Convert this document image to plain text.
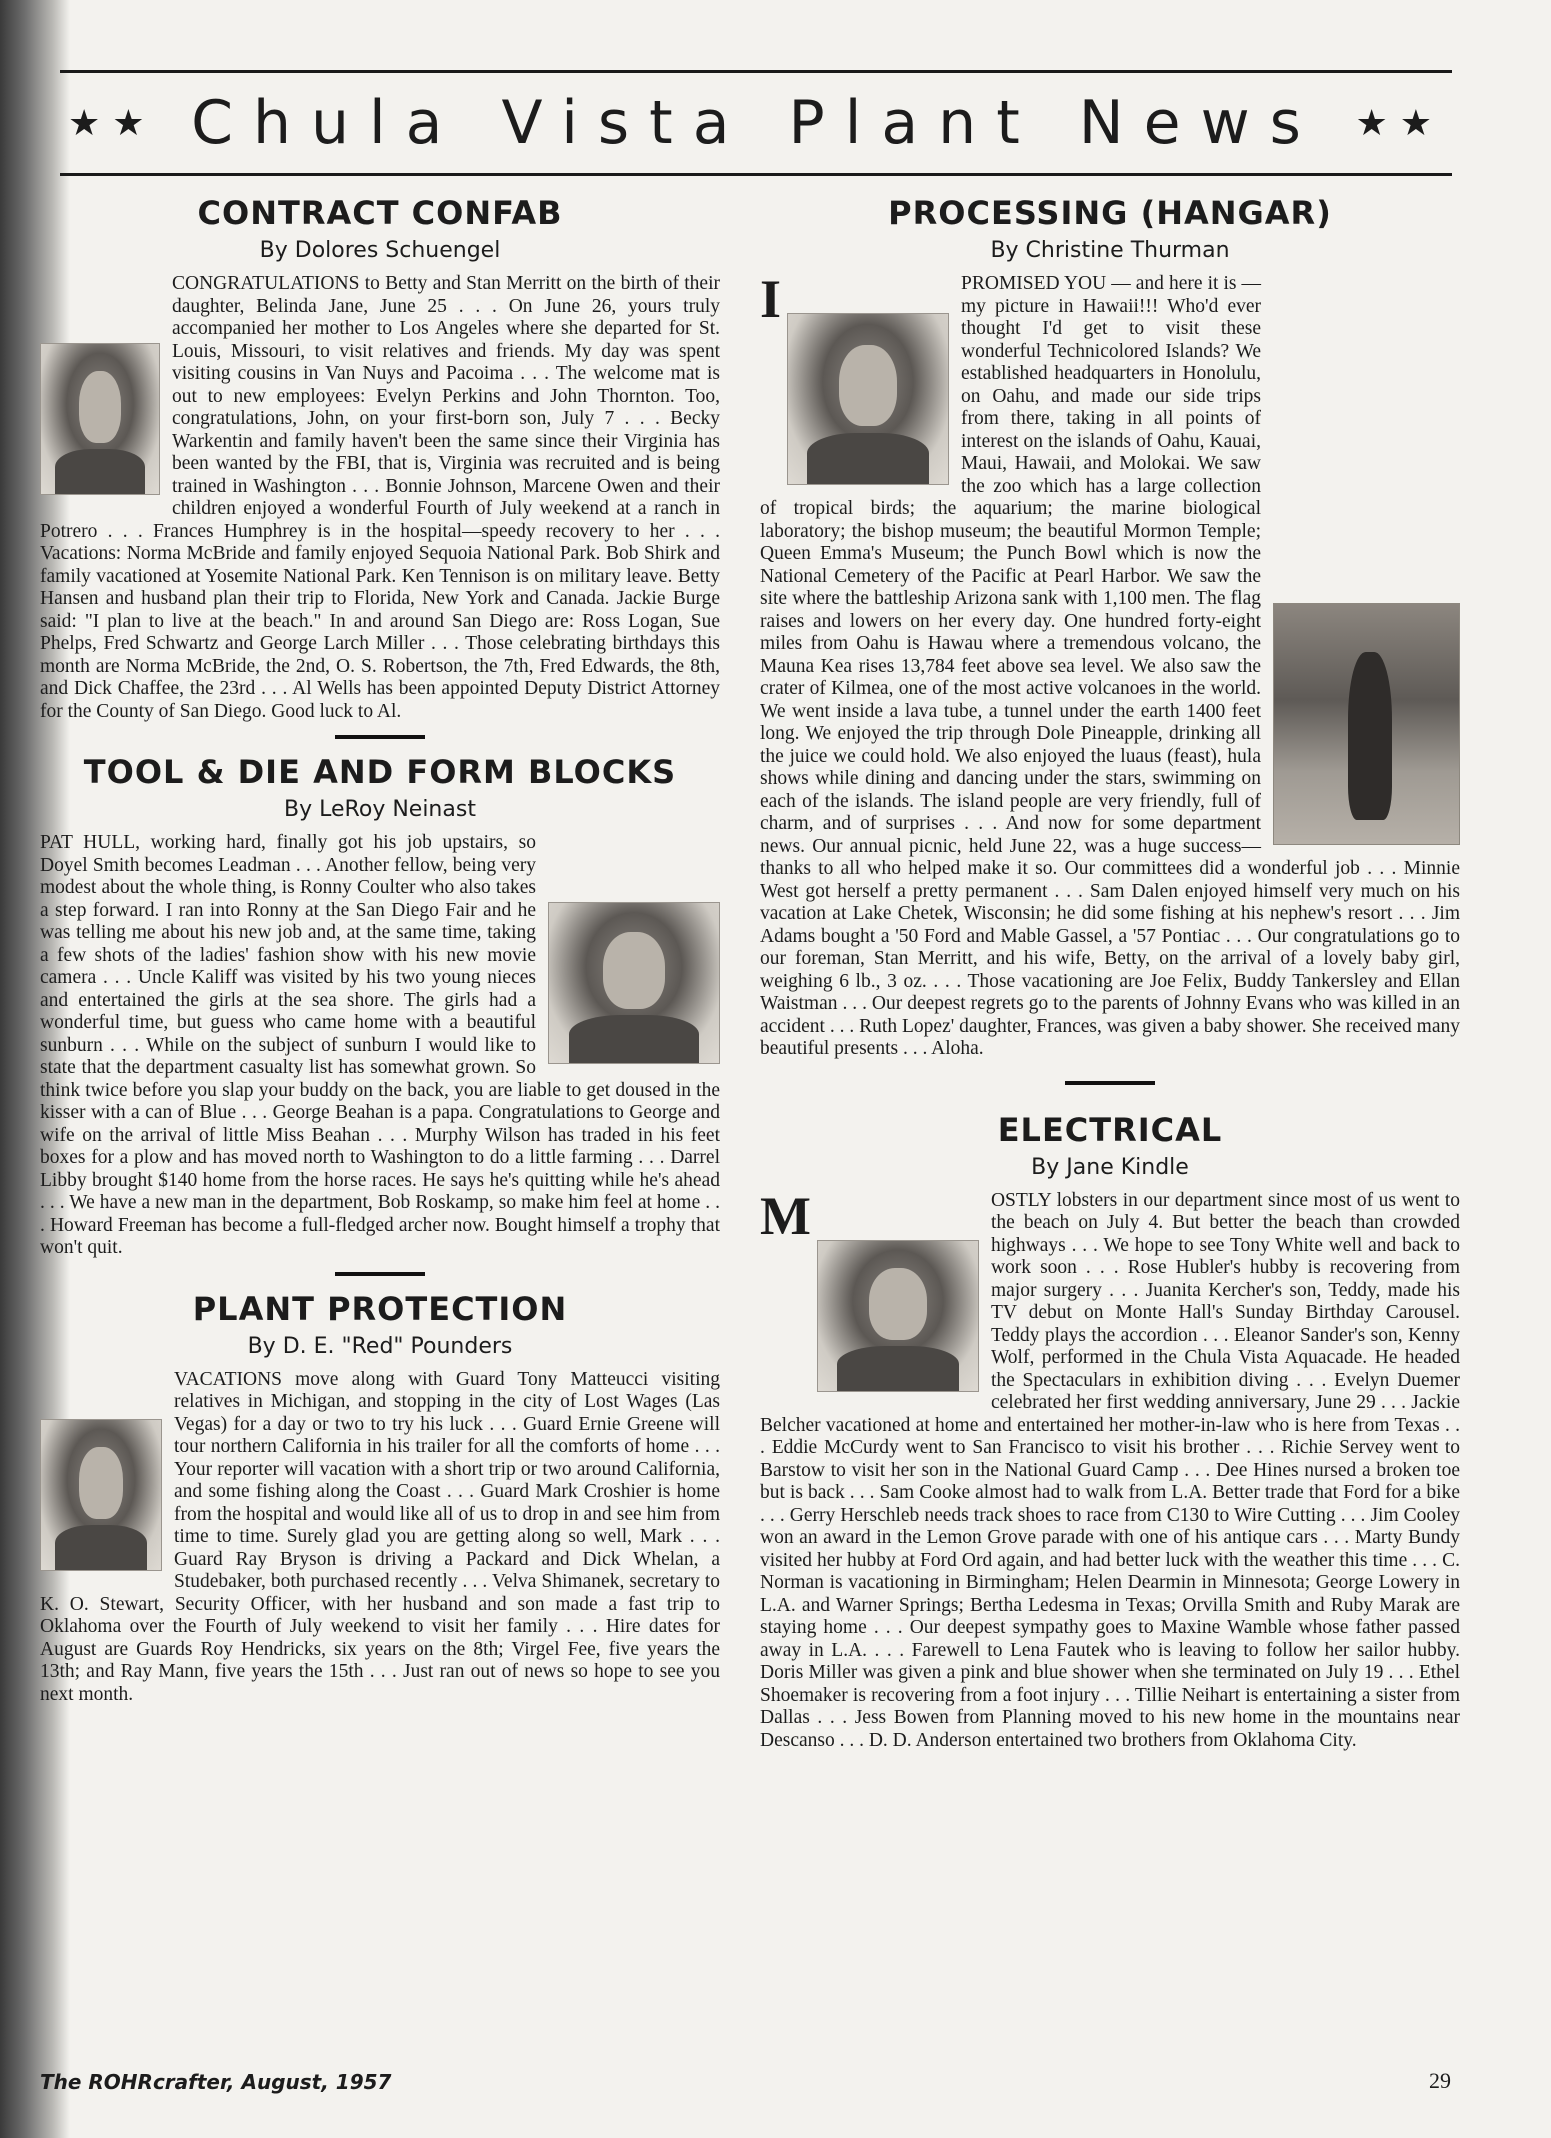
★★ Chula Vista Plant News ★★
CONTRACT CONFAB
By Dolores Schuengel

CONGRATULATIONS to Betty and Stan Merritt on the birth of their daughter, Belinda Jane, June 25 . . . On June 26, yours truly accompanied her mother to Los Angeles where she departed for St. Louis, Missouri, to visit relatives and friends. My day was spent visiting cousins in Van Nuys and Pacoima . . . The welcome mat is out to new employees: Evelyn Perkins and John Thornton. Too, congratulations, John, on your first-born son, July 7 . . . Becky Warkentin and family haven't been the same since their Virginia has been wanted by the FBI, that is, Virginia was recruited and is being trained in Washington . . . Bonnie Johnson, Marcene Owen and their children enjoyed a wonderful Fourth of July weekend at a ranch in Potrero . . . Frances Humphrey is in the hospital—speedy recovery to her . . . Vacations: Norma McBride and family enjoyed Sequoia National Park. Bob Shirk and family vacationed at Yosemite National Park. Ken Tennison is on military leave. Betty Hansen and husband plan their trip to Florida, New York and Canada. Jackie Burge said: "I plan to live at the beach." In and around San Diego are: Ross Logan, Sue Phelps, Fred Schwartz and George Larch Miller . . . Those celebrating birthdays this month are Norma McBride, the 2nd, O. S. Robertson, the 7th, Fred Edwards, the 8th, and Dick Chaffee, the 23rd . . . Al Wells has been appointed Deputy District Attorney for the County of San Diego. Good luck to Al.

TOOL & DIE AND FORM BLOCKS
By LeRoy Neinast

PAT HULL, working hard, finally got his job upstairs, so Doyel Smith becomes Leadman . . . Another fellow, being very modest about the whole thing, is Ronny Coulter who also takes a step forward. I ran into Ronny at the San Diego Fair and he was telling me about his new job and, at the same time, taking a few shots of the ladies' fashion show with his new movie camera . . . Uncle Kaliff was visited by his two young nieces and entertained the girls at the sea shore. The girls had a wonderful time, but guess who came home with a beautiful sunburn . . . While on the subject of sunburn I would like to state that the department casualty list has somewhat grown. So think twice before you slap your buddy on the back, you are liable to get doused in the kisser with a can of Blue . . . George Beahan is a papa. Congratulations to George and wife on the arrival of little Miss Beahan . . . Murphy Wilson has traded in his feet boxes for a plow and has moved north to Washington to do a little farming . . . Darrel Libby brought $140 home from the horse races. He says he's quitting while he's ahead . . . We have a new man in the department, Bob Roskamp, so make him feel at home . . . Howard Freeman has become a full-fledged archer now. Bought himself a trophy that won't quit.

PLANT PROTECTION
By D. E. "Red" Pounders

VACATIONS move along with Guard Tony Matteucci visiting relatives in Michigan, and stopping in the city of Lost Wages (Las Vegas) for a day or two to try his luck . . . Guard Ernie Greene will tour northern California in his trailer for all the comforts of home . . . Your reporter will vacation with a short trip or two around California, and some fishing along the Coast . . . Guard Mark Croshier is home from the hospital and would like all of us to drop in and see him from time to time. Surely glad you are getting along so well, Mark . . . Guard Ray Bryson is driving a Packard and Dick Whelan, a Studebaker, both purchased recently . . . Velva Shimanek, secretary to K. O. Stewart, Security Officer, with her husband and son made a fast trip to Oklahoma over the Fourth of July weekend to visit her family . . . Hire dates for August are Guards Roy Hendricks, six years on the 8th; Virgel Fee, five years the 13th; and Ray Mann, five years the 15th . . . Just ran out of news so hope to see you next month.

PROCESSING (HANGAR)
By Christine Thurman
I	PROMISED YOU — and here it is — my picture in Hawaii!!! Who'd ever thought I'd get to visit these wonderful Technicolored Islands? We established headquarters in Honolulu, on Oahu, and made our side trips from there, taking in all points of interest on the islands of Oahu, Kauai, Maui, Hawaii, and Molokai. We saw the zoo which has a large collection of tropical birds; the aquarium; the marine biological laboratory; the bishop museum; the beautiful Mormon Temple; Queen Emma's Museum; the Punch Bowl which is now the National Cemetery of the Pacific at Pearl Harbor. We saw the site where the battleship Arizona sank with 1,100 men. The flag raises and lowers on her every day. One hundred forty-eight miles from Oahu is Hawau where a tremendous volcano, the Mauna Kea rises 13,784 feet above sea level. We also saw the crater of Kilmea, one of the most active volcanoes in the world. We went inside a lava tube, a tunnel under the earth 1400 feet long. We enjoyed the trip through Dole Pineapple, drinking all the juice we could hold. We also enjoyed the luaus (feast), hula shows while dining and dancing under the stars, swimming on each of the islands. The island people are very friendly, full of charm, and of surprises . . . And now for some department news. Our annual picnic, held June 22, was a huge success—thanks to all who helped make it so. Our committees did a wonderful job . . . Minnie West got herself a pretty permanent . . . Sam Dalen enjoyed himself very much on his vacation at Lake Chetek, Wisconsin; he did some fishing at his nephew's resort . . . Jim Adams bought a '50 Ford and Mable Gassel, a '57 Pontiac . . . Our congratulations go to our foreman, Stan Merritt, and his wife, Betty, on the arrival of a lovely baby girl, weighing 6 lb., 3 oz. . . . Those vacationing are Joe Felix, Buddy Tankersley and Ellan Waistman . . . Our deepest regrets go to the parents of Johnny Evans who was killed in an accident . . . Ruth Lopez' daughter, Frances, was given a baby shower. She received many beautiful presents . . . Aloha.

ELECTRICAL
By Jane Kindle
M	OSTLY lobsters in our department since most of us went to the beach on July 4. But better the beach than crowded highways . . . We hope to see Tony White well and back to work soon . . . Rose Hubler's hubby is recovering from major surgery . . . Juanita Kercher's son, Teddy, made his TV debut on Monte Hall's Sunday Birthday Carousel. Teddy plays the accordion . . . Eleanor Sander's son, Kenny Wolf, performed in the Chula Vista Aquacade. He headed the Spectaculars in exhibition diving . . . Evelyn Duemer celebrated her first wedding anniversary, June 29 . . . Jackie Belcher vacationed at home and entertained her mother-in-law who is here from Texas . . . Eddie McCurdy went to San Francisco to visit his brother . . . Richie Servey went to Barstow to visit her son in the National Guard Camp . . . Dee Hines nursed a broken toe but is back . . . Sam Cooke almost had to walk from L.A. Better trade that Ford for a bike . . . Gerry Herschleb needs track shoes to race from C130 to Wire Cutting . . . Jim Cooley won an award in the Lemon Grove parade with one of his antique cars . . . Marty Bundy visited her hubby at Ford Ord again, and had better luck with the weather this time . . . C. Norman is vacationing in Birmingham; Helen Dearmin in Minnesota; George Lowery in L.A. and Warner Springs; Bertha Ledesma in Texas; Orvilla Smith and Ruby Marak are staying home . . . Our deepest sympathy goes to Maxine Wamble whose father passed away in L.A. . . . Farewell to Lena Fautek who is leaving to follow her sailor hubby. Doris Miller was given a pink and blue shower when she terminated on July 19 . . . Ethel Shoemaker is recovering from a foot injury . . . Tillie Neihart is entertaining a sister from Dallas . . . Jess Bowen from Planning moved to his new home in the mountains near Descanso . . . D. D. Anderson entertained two brothers from Oklahoma City.

The ROHRcrafter, August, 1957	29
